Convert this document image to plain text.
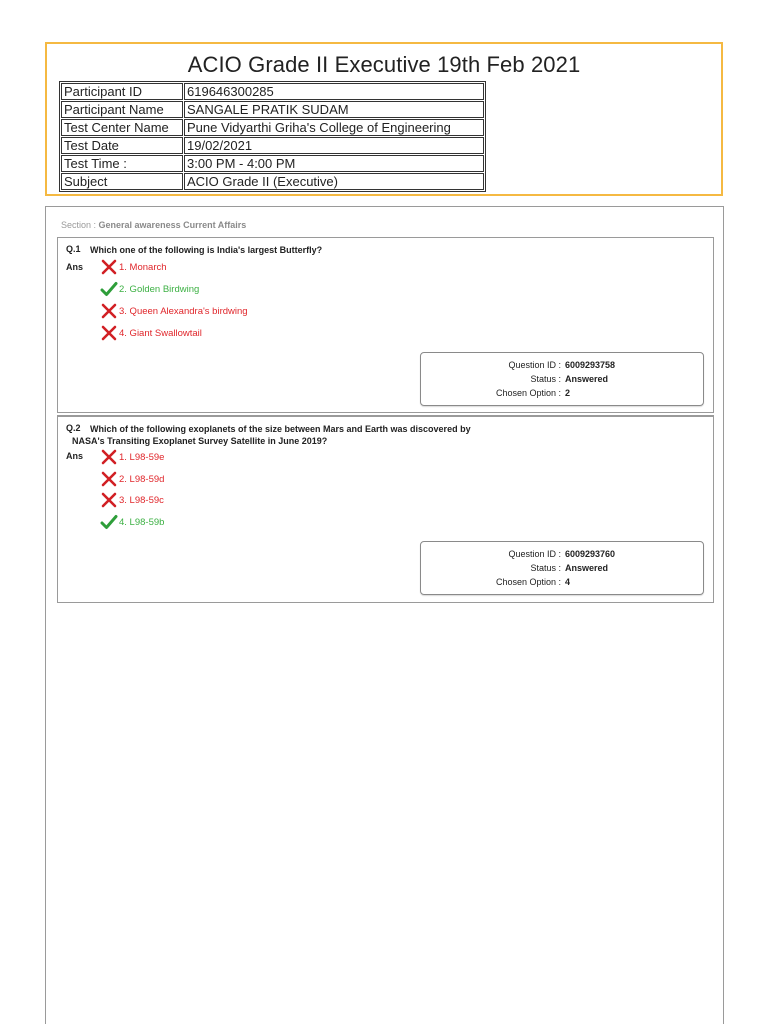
ACIO Grade II Executive 19th Feb 2021
Participant ID	619646300285
Participant Name	SANGALE PRATIK SUDAM
Test Center Name	Pune Vidyarthi Griha's College of Engineering
Test Date	19/02/2021
Test Time :	3:00 PM - 4:00 PM
Subject	ACIO Grade II (Executive)
Section : General awareness Current Affairs
Q.1 Which one of the following is India's largest Butterfly?
Ans	1. Monarch
2. Golden Birdwing
3. Queen Alexandra's birdwing
4. Giant Swallowtail
Question ID : 6009293758
Status : Answered
Chosen Option : 2
Q.2 Which of the following exoplanets of the size between Mars and Earth was discovered by
NASA's Transiting Exoplanet Survey Satellite in June 2019?
Ans	1. L98-59e
2. L98-59d
3. L98-59c
4. L98-59b
Question ID : 6009293760
Status : Answered
Chosen Option : 4
